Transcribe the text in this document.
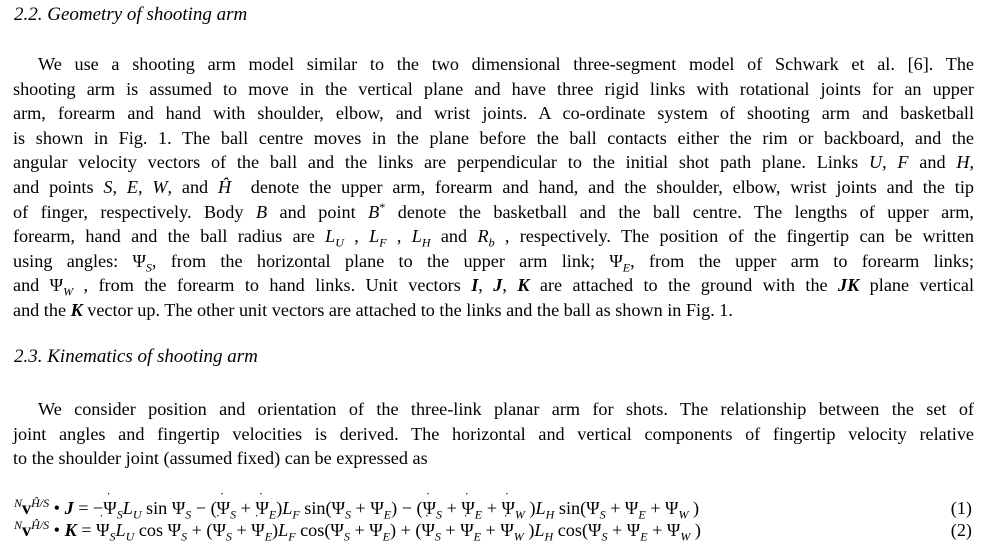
2.2. Geometry of shooting arm
We use a shooting arm model similar to the two dimensional three-segment model of Schwark et al. [6]. The
shooting arm is assumed to move in the vertical plane and have three rigid links with rotational joints for an upper
arm, forearm and hand with shoulder, elbow, and wrist joints. A co-ordinate system of shooting arm and basketball
is shown in Fig. 1. The ball centre moves in the plane before the ball contacts either the rim or backboard, and the
angular velocity vectors of the ball and the links are perpendicular to the initial shot path plane. Links U, F and H,
and points S, E, W, and Ĥ  denote the upper arm, forearm and hand, and the shoulder, elbow, wrist joints and the tip
of finger, respectively. Body B and point B* denote the basketball and the ball centre. The lengths of upper arm,
forearm, hand and the ball radius are $L_U$ , $L_F$ , $L_H$ and $R_b$ , respectively. The position of the fingertip can be written
using angles: $\Psi_S$, from the horizontal plane to the upper arm link; $\Psi_E$, from the upper arm to forearm links;
and $\Psi_W$ , from the forearm to hand links. Unit vectors I, J, K are attached to the ground with the JK plane vertical
and the K vector up. The other unit vectors are attached to the links and the ball as shown in Fig. 1.
2.3. Kinematics of shooting arm
We consider position and orientation of the three-link planar arm for shots. The relationship between the set of
joint angles and fingertip velocities is derived. The horizontal and vertical components of fingertip velocity relative
to the shoulder joint (assumed fixed) can be expressed as
$^Nv^{Ĥ/S}$ • J = −Ψ $˙_SL_U$ $\sin \Psi_S - (\Psi$ $˙_S + \Psi$ $˙_E)L_F$ $\sin(\Psi_S + \Psi_E) - (\Psi$ $˙_S + \Psi$ $˙_E + \Psi$ $˙_W$ )$L_H$ $\sin(\Psi_S + \Psi_E + \Psi_W$ )	(1)
$^Nv^{Ĥ/S}$ • K = Ψ $˙_SL_U$ $\cos \Psi_S + (\Psi$ $˙_S + \Psi$ $˙_E)L_F$ $\cos(\Psi_S + \Psi_E) + (\Psi$ $˙_S + \Psi$ $˙_E + \Psi$ $˙_W$ )$L_H$ $\cos(\Psi_S + \Psi_E + \Psi_W$ )	(2)
